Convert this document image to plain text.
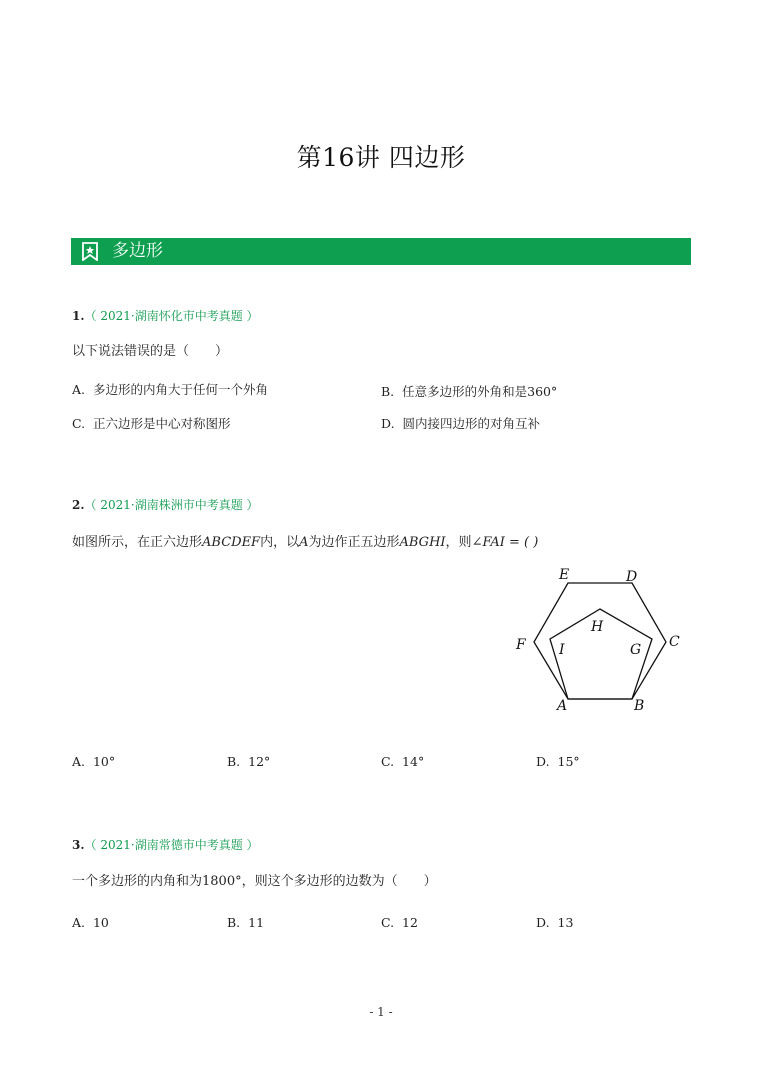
第16讲 四边形
多边形
1.（ 2021·湖南怀化市中考真题 ）
以下说法错误的是（　　）
A. 多边形的内角大于任何一个外角	B. 任意多边形的外角和是360°
C. 正六边形是中心对称图形	D. 圆内接四边形的对角互补
2.（ 2021·湖南株洲市中考真题 ）
如图所示，在正六边形ABCDEF内，以A为边作正五边形ABGHI，则∠FAI = ( )
A	B
C
D
E
F	G
H
I
A. 10°	B. 12°	C. 14°	D. 15°
3.（ 2021·湖南常德市中考真题 ）
一个多边形的内角和为1800°，则这个多边形的边数为（　　）
A. 10	B. 11	C. 12	D. 13
- 1 -
